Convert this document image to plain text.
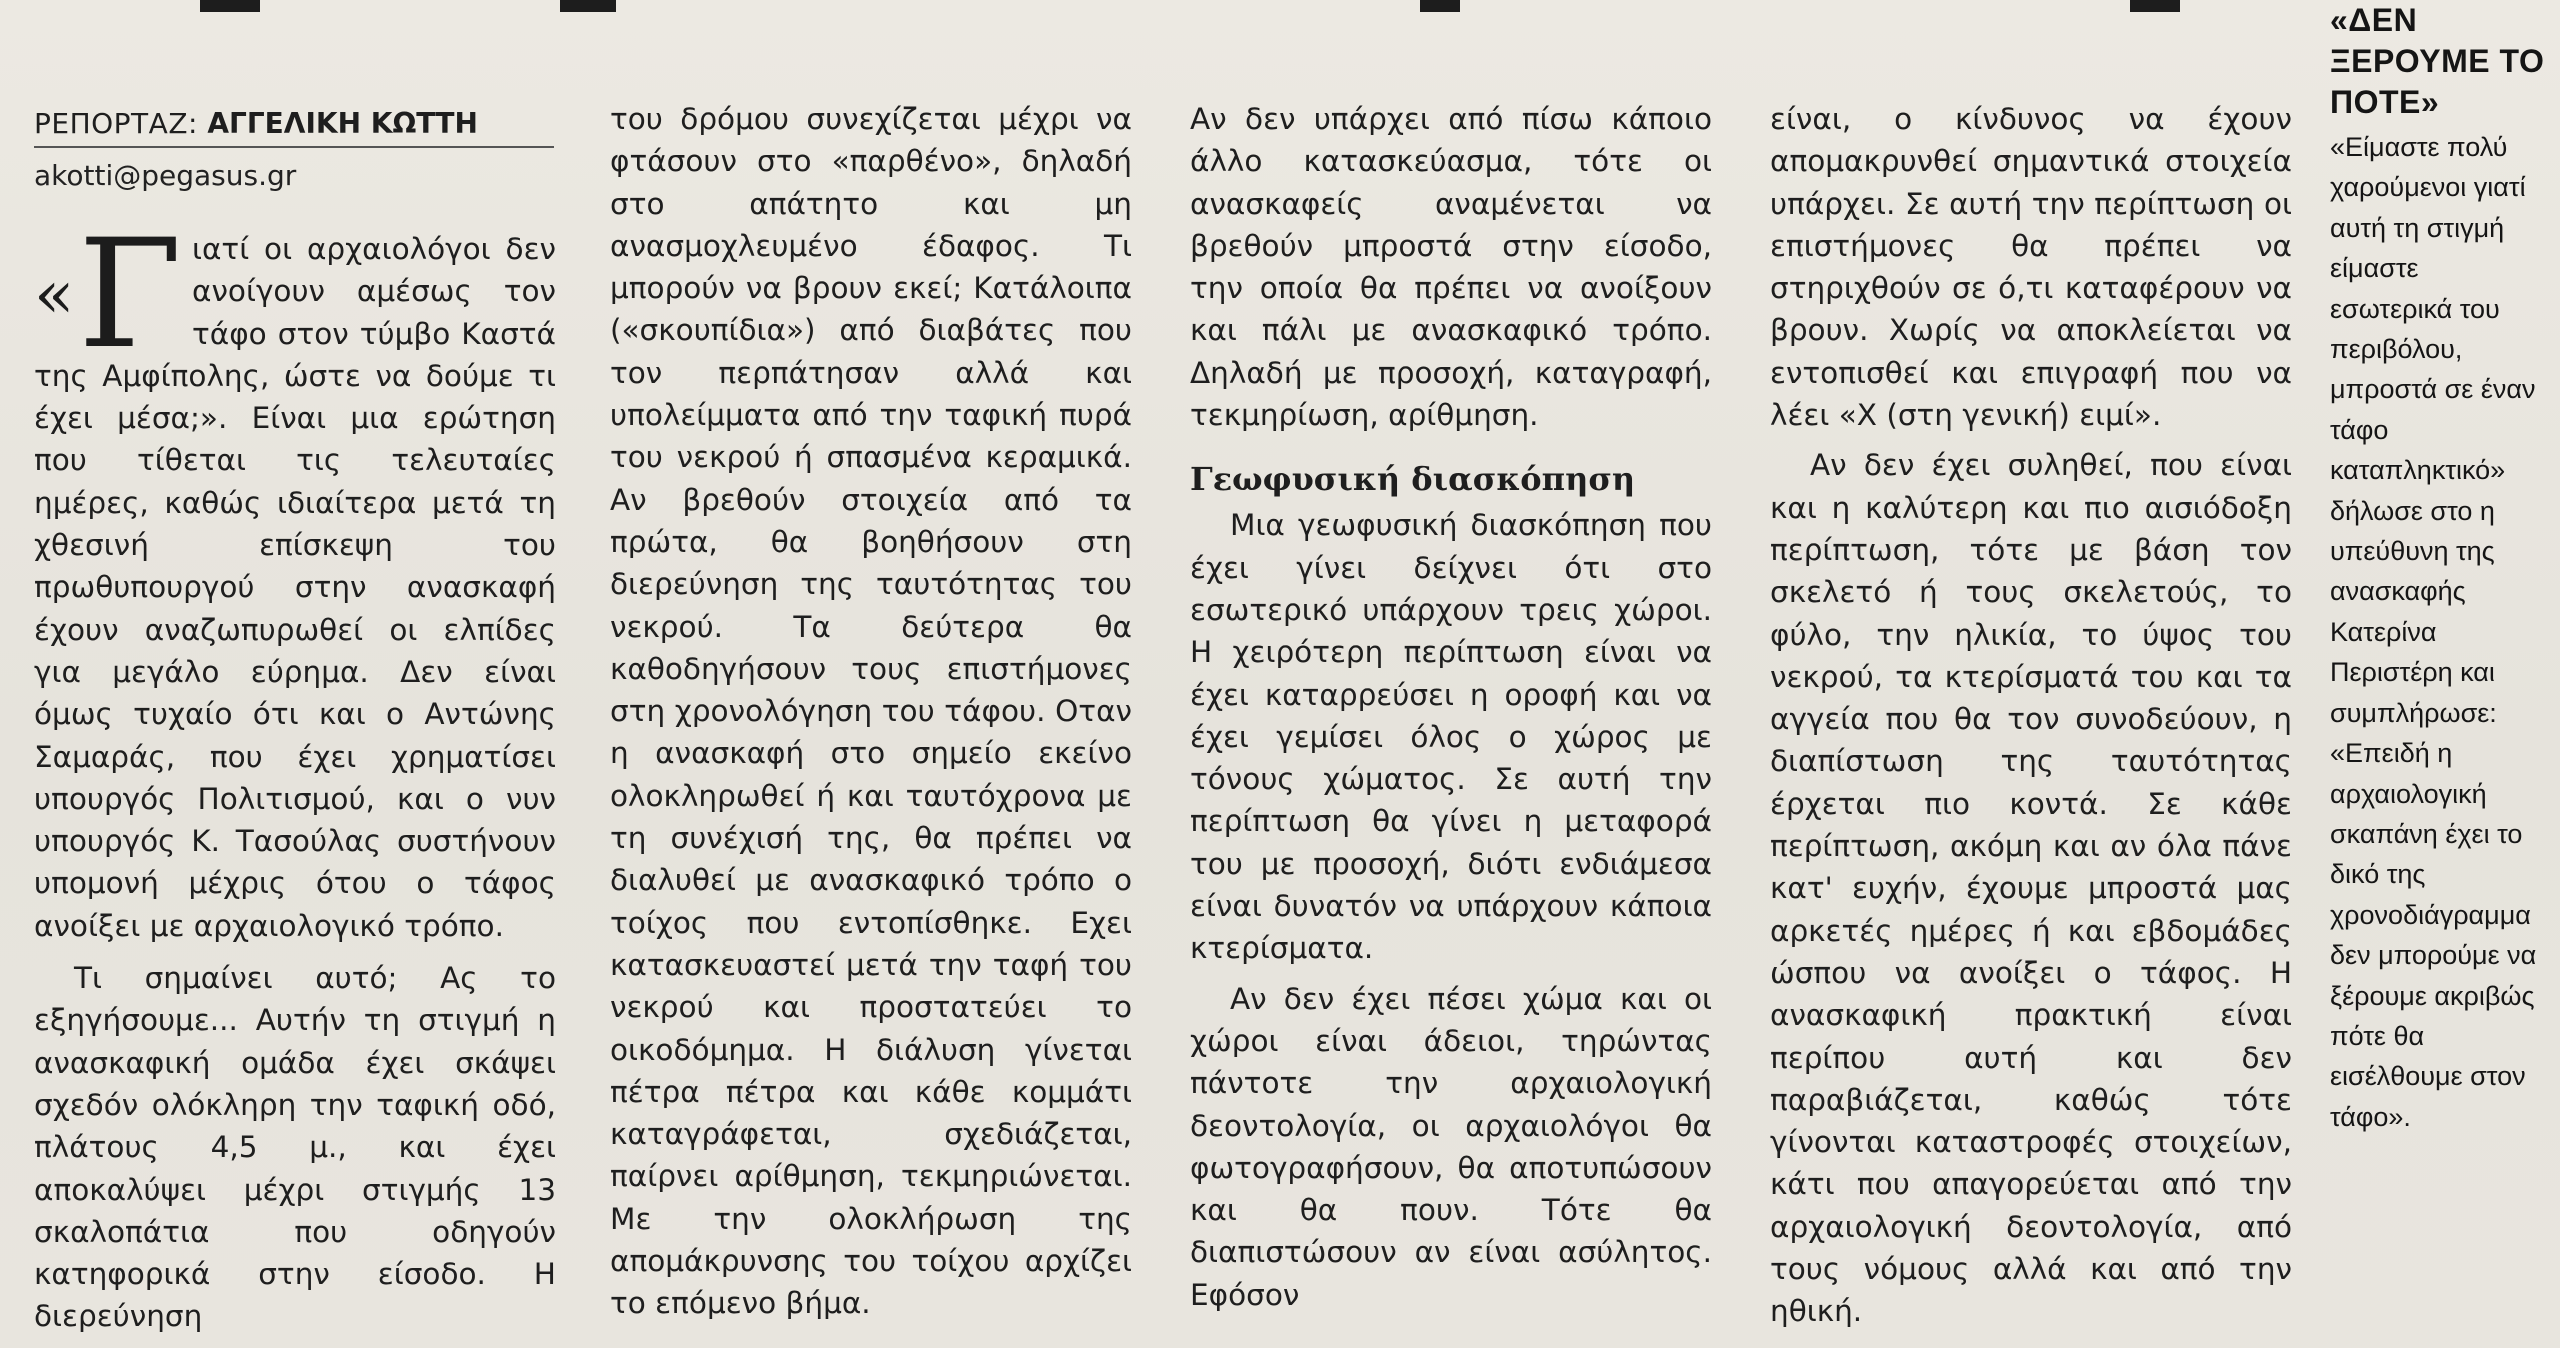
ΡΕΠΟΡΤΑΖ: ΑΓΓΕΛΙΚΗ ΚΩΤΤΗ
akotti@pegasus.gr
« Γ ιατί οι αρχαιολόγοι δεν ανοίγουν αμέσως τον τάφο στον τύμβο Καστά της Αμφίπολης, ώστε να δούμε τι έχει μέσα;». Είναι μια ερώτηση που τίθεται τις τελευταίες ημέρες, καθώς ιδιαίτερα μετά τη χθεσινή επίσκεψη του πρωθυπουργού στην ανασκαφή έχουν αναζωπυρωθεί οι ελπίδες για μεγάλο εύρημα. Δεν είναι όμως τυχαίο ότι και ο Αντώνης Σαμαράς, που έχει χρηματίσει υπουργός Πολιτισμού, και ο νυν υπουργός Κ. Τασούλας συστήνουν υπομονή μέχρις ότου ο τάφος ανοίξει με αρχαιολογικό τρόπο.

Τι σημαίνει αυτό; Ας το εξηγήσουμε... Αυτήν τη στιγμή η ανασκαφική ομάδα έχει σκάψει σχεδόν ολόκληρη την ταφική οδό, πλάτους 4,5 μ., και έχει αποκαλύψει μέχρι στιγμής 13 σκαλοπάτια που οδηγούν κατηφορικά στην είσοδο. Η διερεύνηση

του δρόμου συνεχίζεται μέχρι να φτάσουν στο «παρθένο», δηλαδή στο απάτητο και μη ανασμοχλευμένο έδαφος. Τι μπορούν να βρουν εκεί; Κατάλοιπα («σκουπίδια») από διαβάτες που τον περπάτησαν αλλά και υπολείμματα από την ταφική πυρά του νεκρού ή σπασμένα κεραμικά. Αν βρεθούν στοιχεία από τα πρώτα, θα βοηθήσουν στη διερεύνηση της ταυτότητας του νεκρού. Τα δεύτερα θα καθοδηγήσουν τους επιστήμονες στη χρονολόγηση του τάφου. Οταν η ανασκαφή στο σημείο εκείνο ολοκληρωθεί ή και ταυτόχρονα με τη συνέχισή της, θα πρέπει να διαλυθεί με ανασκαφικό τρόπο ο τοίχος που εντοπίσθηκε. Εχει κατασκευαστεί μετά την ταφή του νεκρού και προστατεύει το οικοδόμημα. Η διάλυση γίνεται πέτρα πέτρα και κάθε κομμάτι καταγράφεται, σχεδιάζεται, παίρνει αρίθμηση, τεκμηριώνεται. Με την ολοκλήρωση της απομάκρυνσης του τοίχου αρχίζει το επόμενο βήμα.

Αν δεν υπάρχει από πίσω κάποιο άλλο κατασκεύασμα, τότε οι ανασκαφείς αναμένεται να βρεθούν μπροστά στην είσοδο, την οποία θα πρέπει να ανοίξουν και πάλι με ανασκαφικό τρόπο. Δηλαδή με προσοχή, καταγραφή, τεκμηρίωση, αρίθμηση.

Γεωφυσική διασκόπηση

Μια γεωφυσική διασκόπηση που έχει γίνει δείχνει ότι στο εσωτερικό υπάρχουν τρεις χώροι. Η χειρότερη περίπτωση είναι να έχει καταρρεύσει η οροφή και να έχει γεμίσει όλος ο χώρος με τόνους χώματος. Σε αυτή την περίπτωση θα γίνει η μεταφορά του με προσοχή, διότι ενδιάμεσα είναι δυνατόν να υπάρχουν κάποια κτερίσματα.

Αν δεν έχει πέσει χώμα και οι χώροι είναι άδειοι, τηρώντας πάντοτε την αρχαιολογική δεοντολογία, οι αρχαιολόγοι θα φωτογραφήσουν, θα αποτυπώσουν και θα πουν. Τότε θα διαπιστώσουν αν είναι ασύλητος. Εφόσον

είναι, ο κίνδυνος να έχουν απομακρυνθεί σημαντικά στοιχεία υπάρχει. Σε αυτή την περίπτωση οι επιστήμονες θα πρέπει να στηριχθούν σε ό,τι καταφέρουν να βρουν. Χωρίς να αποκλείεται να εντοπισθεί και επιγραφή που να λέει «Χ (στη γενική) ειμί».

Αν δεν έχει συληθεί, που είναι και η καλύτερη και πιο αισιόδοξη περίπτωση, τότε με βάση τον σκελετό ή τους σκελετούς, το φύλο, την ηλικία, το ύψος του νεκρού, τα κτερίσματά του και τα αγγεία που θα τον συνοδεύουν, η διαπίστωση της ταυτότητας έρχεται πιο κοντά. Σε κάθε περίπτωση, ακόμη και αν όλα πάνε κατ' ευχήν, έχουμε μπροστά μας αρκετές ημέρες ή και εβδομάδες ώσπου να ανοίξει ο τάφος. Η ανασκαφική πρακτική είναι περίπου αυτή και δεν παραβιάζεται, καθώς τότε γίνονται καταστροφές στοιχείων, κάτι που απαγορεύεται από την αρχαιολογική δεοντολογία, από τους νόμους αλλά και από την ηθική.

«ΔΕΝ ΞΕΡΟΥΜΕ ΤΟ ΠΟΤΕ»

«Είμαστε πολύ χαρούμενοι γιατί αυτή τη στιγμή είμαστε εσωτερικά του περιβόλου, μπροστά σε έναν τάφο καταπληκτικό» δήλωσε στο η υπεύθυνη της ανασκαφής Κατερίνα Περιστέρη και συμπλήρωσε: «Επειδή η αρχαιολογική σκαπάνη έχει το δικό της χρονοδιάγραμμα δεν μπορούμε να ξέρουμε ακριβώς πότε θα εισέλθουμε στον τάφο».
